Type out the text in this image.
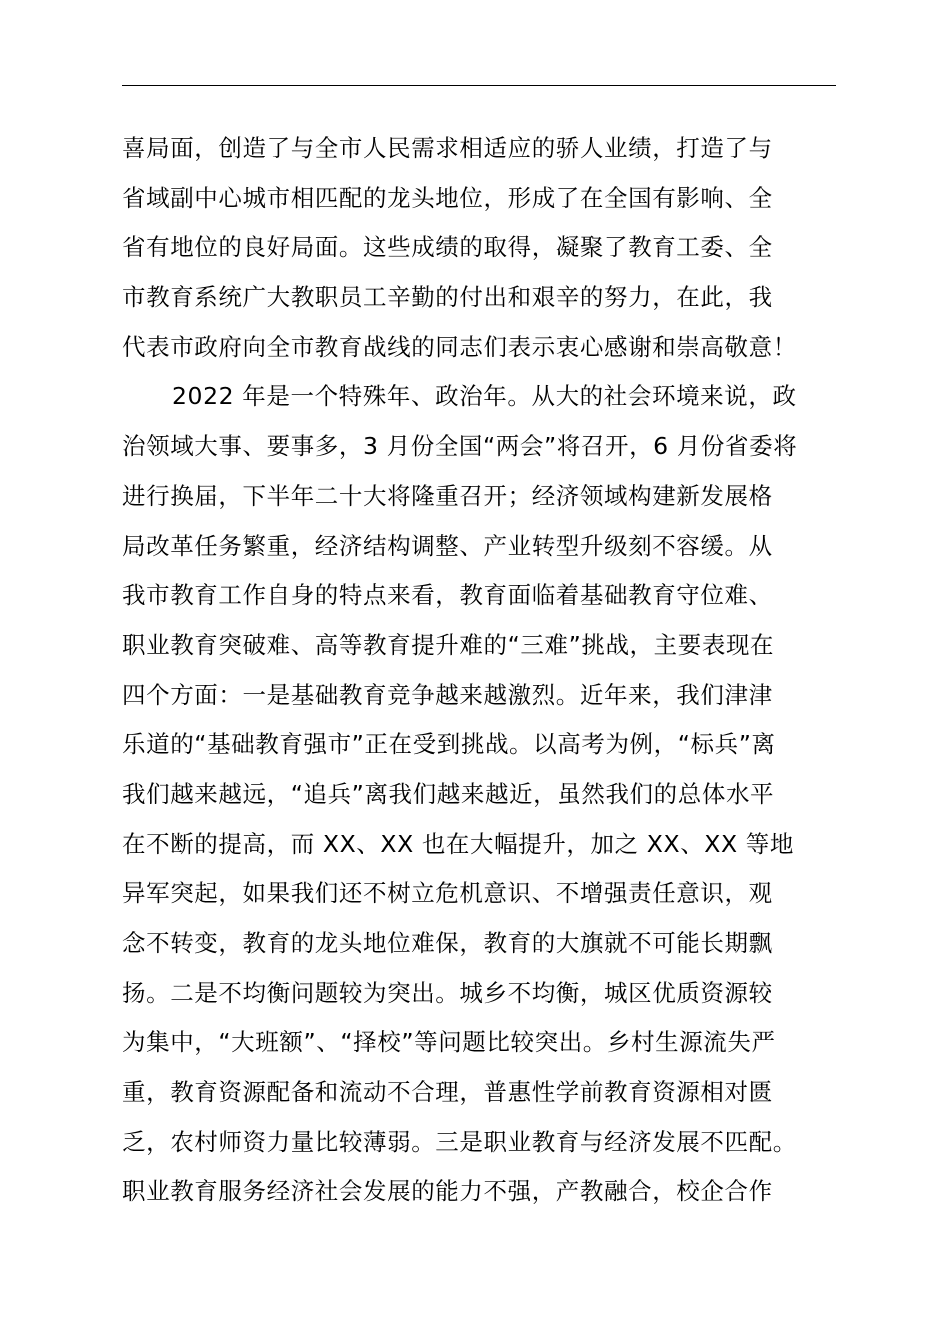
喜局面，创造了与全市人民需求相适应的骄人业绩，打造了与
省域副中心城市相匹配的龙头地位，形成了在全国有影响、全
省有地位的良好局面。这些成绩的取得，凝聚了教育工委、全
市教育系统广大教职员工辛勤的付出和艰辛的努力，在此，我
代表市政府向全市教育战线的同志们表示衷心感谢和崇高敬意！
2022 年是一个特殊年、政治年。从大的社会环境来说，政
治领域大事、要事多，3 月份全国“两会”将召开，6 月份省委将
进行换届，下半年二十大将隆重召开；经济领域构建新发展格
局改革任务繁重，经济结构调整、产业转型升级刻不容缓。从
我市教育工作自身的特点来看，教育面临着基础教育守位难、
职业教育突破难、高等教育提升难的“三难”挑战，主要表现在
四个方面：一是基础教育竞争越来越激烈。近年来，我们津津
乐道的“基础教育强市”正在受到挑战。以高考为例，“标兵”离
我们越来越远，“追兵”离我们越来越近，虽然我们的总体水平
在不断的提高，而 XX、XX 也在大幅提升，加之 XX、XX 等地
异军突起，如果我们还不树立危机意识、不增强责任意识，观
念不转变，教育的龙头地位难保，教育的大旗就不可能长期飘
扬。二是不均衡问题较为突出。城乡不均衡，城区优质资源较
为集中，“大班额”、“择校”等问题比较突出。乡村生源流失严
重，教育资源配备和流动不合理，普惠性学前教育资源相对匮
乏，农村师资力量比较薄弱。三是职业教育与经济发展不匹配。
职业教育服务经济社会发展的能力不强，产教融合，校企合作
